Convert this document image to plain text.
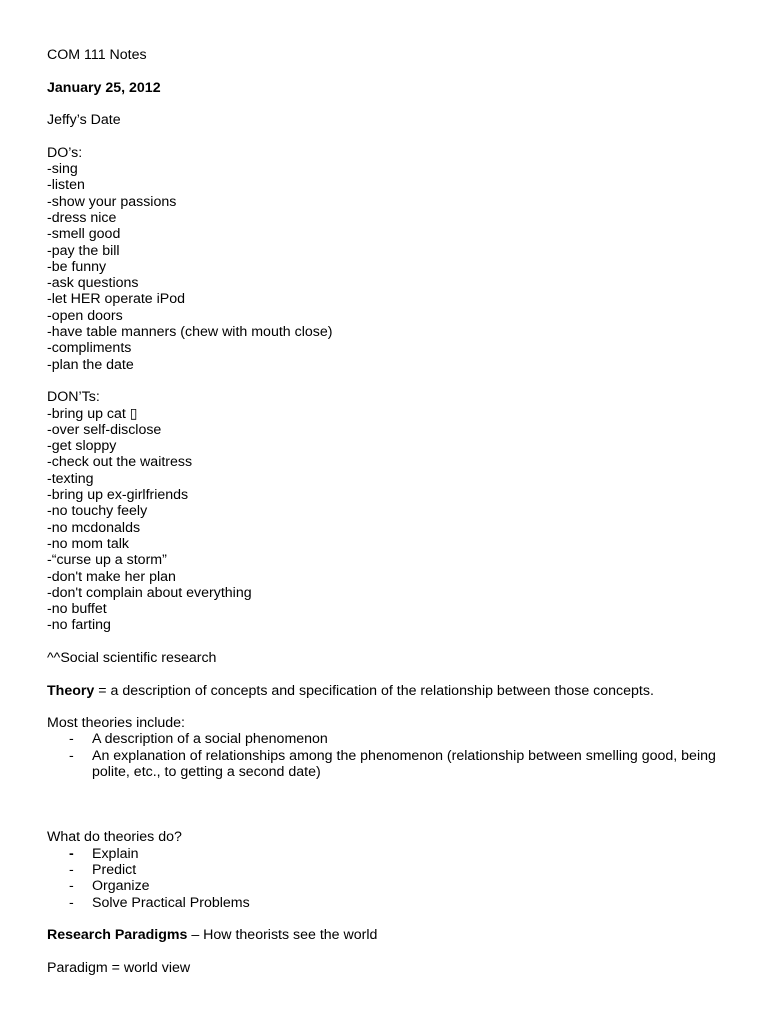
COM 111 Notes

January 25, 2012

Jeffy’s Date

DO’s:

-sing

-listen

-show your passions

-dress nice

-smell good

-pay the bill

-be funny

-ask questions

-let HER operate iPod

-open doors

-have table manners (chew with mouth close)

-compliments

-plan the date

DON’Ts:

-bring up cat ▯

-over self-disclose

-get sloppy

-check out the waitress

-texting

-bring up ex-girlfriends

-no touchy feely

-no mcdonalds

-no mom talk

-“curse up a storm”

-don't make her plan

-don't complain about everything

-no buffet

-no farting

^^Social scientific research

Theory = a description of concepts and specification of the relationship between those concepts.

Most theories include:

- A description of a social phenomenon
- An explanation of relationships among the phenomenon (relationship between smelling good, being polite, etc., to getting a second date)

What do theories do?

- Explain
- Predict
- Organize
- Solve Practical Problems

Research Paradigms – How theorists see the world

Paradigm = world view
